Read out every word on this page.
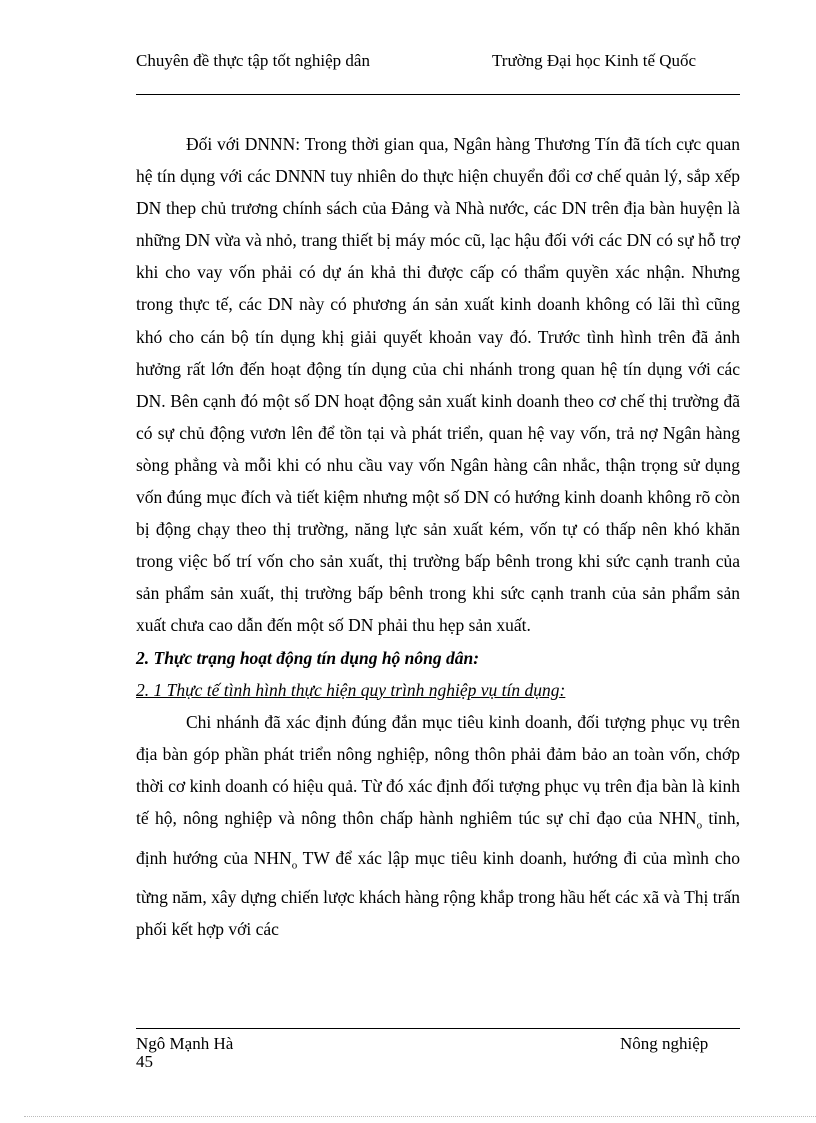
Chuyên đề thực tập tốt nghiệp dân	Trường Đại học Kinh tế Quốc

Đối với DNNN: Trong thời gian qua, Ngân hàng Thương Tín đã tích cực quan hệ tín dụng với các DNNN tuy nhiên do thực hiện chuyển đổi cơ chế quản lý, sắp xếp DN thep chủ trương chính sách của Đảng và Nhà nước, các DN trên địa bàn huyện là những DN vừa và nhỏ, trang thiết bị máy móc cũ, lạc hậu đối với các DN có sự hỗ trợ khi cho vay vốn phải có dự án khả thi được cấp có thẩm quyền xác nhận. Nhưng trong thực tế, các DN này có phương án sản xuất kinh doanh không có lãi thì cũng khó cho cán bộ tín dụng khị giải quyết khoản vay đó. Trước tình hình trên đã ảnh hưởng rất lớn đến hoạt động tín dụng của chi nhánh trong quan hệ tín dụng với các DN. Bên cạnh đó một số DN hoạt động sản xuất kinh doanh theo cơ chế thị trường đã có sự chủ động vươn lên để tồn tại và phát triển, quan hệ vay vốn, trả nợ Ngân hàng sòng phẳng và mỗi khi có nhu cầu vay vốn Ngân hàng cân nhắc, thận trọng sử dụng vốn đúng mục đích và tiết kiệm nhưng một số DN có hướng kinh doanh không rõ còn bị động chạy theo thị trường, năng lực sản xuất kém, vốn tự có thấp nên khó khăn trong việc bố trí vốn cho sản xuất, thị trường bấp bênh trong khi sức cạnh tranh của sản phẩm sản xuất, thị trường bấp bênh trong khi sức cạnh tranh của sản phẩm sản xuất chưa cao dẫn đến một số DN phải thu hẹp sản xuất.

2. Thực trạng hoạt động tín dụng hộ nông dân:
2. 1 Thực tế tình hình thực hiện quy trình nghiệp vụ tín dụng:

Chi nhánh đã xác định đúng đắn mục tiêu kinh doanh, đối tượng phục vụ trên địa bàn góp phần phát triển nông nghiệp, nông thôn phải đảm bảo an toàn vốn, chớp thời cơ kinh doanh có hiệu quả. Từ đó xác định đối tượng phục vụ trên địa bàn là kinh tế hộ, nông nghiệp và nông thôn chấp hành nghiêm túc sự chỉ đạo của $NHN_o$ tỉnh, định hướng của $NHN_o$ TW để xác lập mục tiêu kinh doanh, hướng đi của mình cho từng năm, xây dựng chiến lược khách hàng rộng khắp trong hầu hết các xã và Thị trấn phối kết hợp với các

Ngô Mạnh Hà	Nông nghiệp
45
